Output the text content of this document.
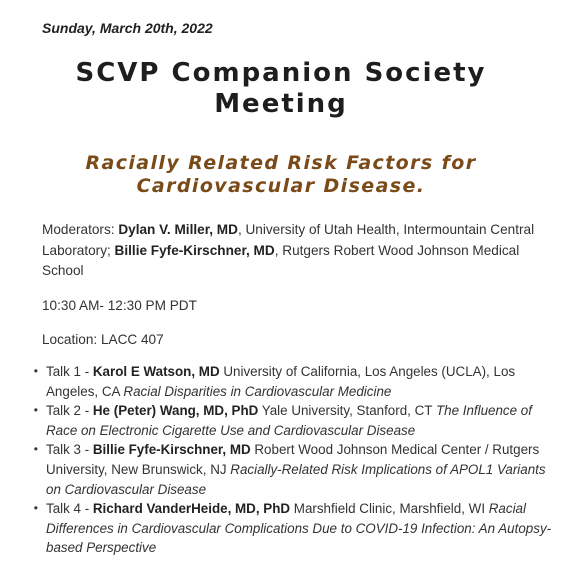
Sunday, March 20th, 2022
SCVP Companion Society
Meeting
Racially Related Risk Factors for
Cardiovascular Disease.
Moderators: Dylan V. Miller, MD, University of Utah Health, Intermountain Central Laboratory; Billie Fyfe-Kirschner, MD, Rutgers Robert Wood Johnson Medical School
10:30 AM- 12:30 PM PDT
Location: LACC 407
• Talk 1 - Karol E Watson, MD University of California, Los Angeles (UCLA), Los Angeles, CA Racial Disparities in Cardiovascular Medicine
• Talk 2 - He (Peter) Wang, MD, PhD Yale University, Stanford, CT The Influence of Race on Electronic Cigarette Use and Cardiovascular Disease
• Talk 3 - Billie Fyfe-Kirschner, MD Robert Wood Johnson Medical Center / Rutgers University, New Brunswick, NJ Racially-Related Risk Implications of APOL1 Variants on Cardiovascular Disease
• Talk 4 - Richard VanderHeide, MD, PhD Marshfield Clinic, Marshfield, WI Racial Differences in Cardiovascular Complications Due to COVID-19 Infection: An Autopsy-based Perspective
